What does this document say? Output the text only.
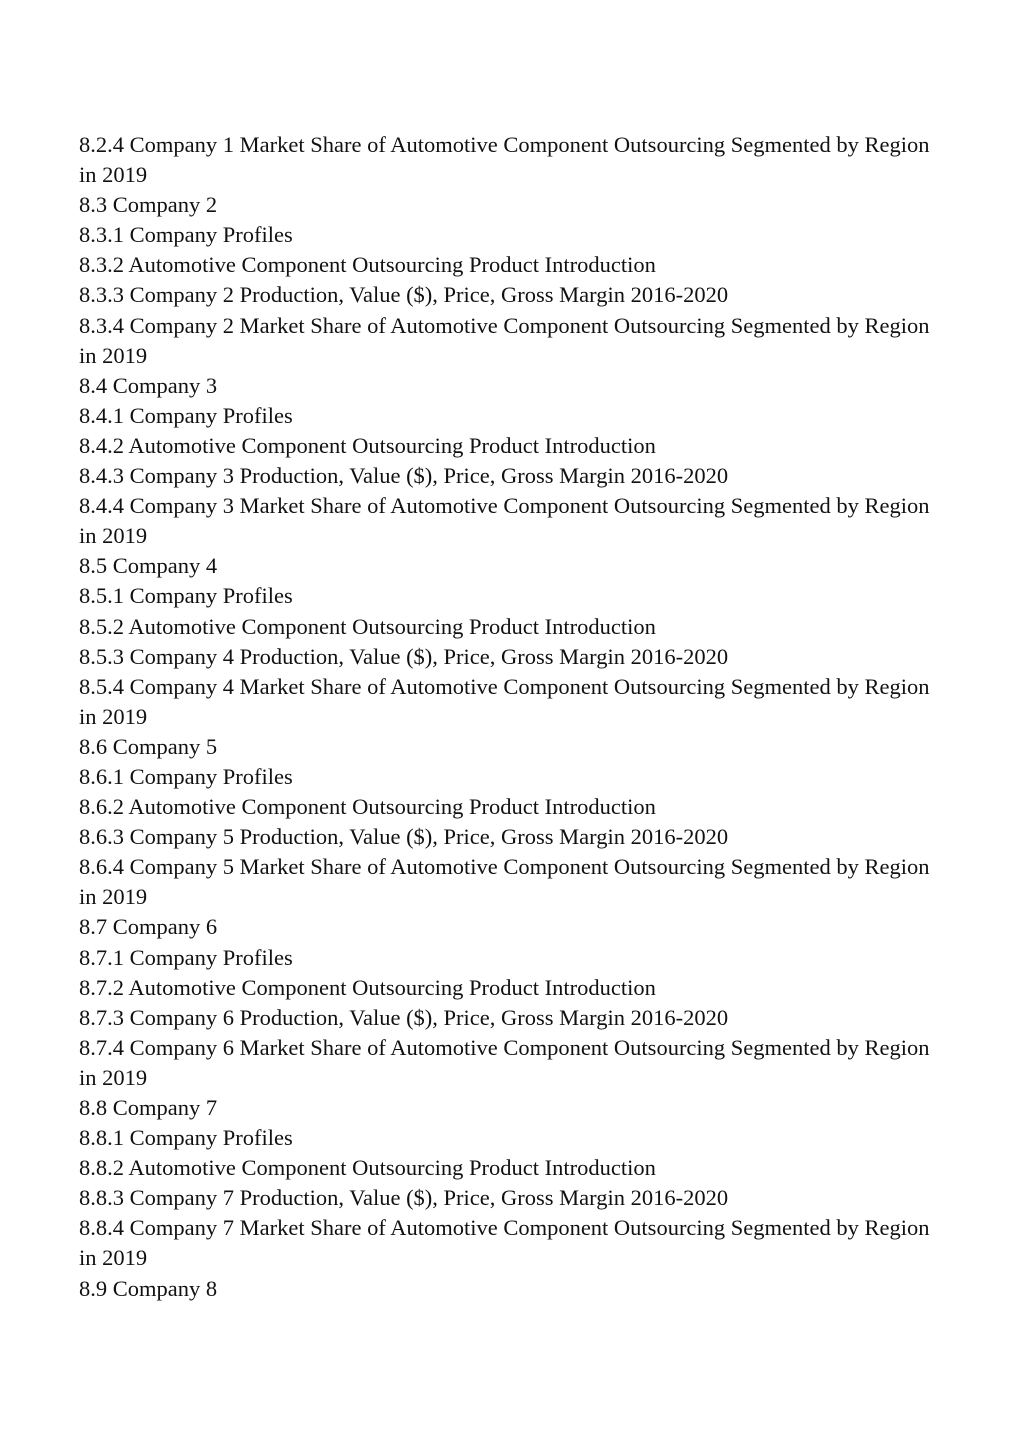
8.2.4 Company 1 Market Share of Automotive Component Outsourcing Segmented by Region in 2019

8.3 Company 2

8.3.1 Company Profiles

8.3.2 Automotive Component Outsourcing Product Introduction

8.3.3 Company 2 Production, Value ($), Price, Gross Margin 2016-2020

8.3.4 Company 2 Market Share of Automotive Component Outsourcing Segmented by Region in 2019

8.4 Company 3

8.4.1 Company Profiles

8.4.2 Automotive Component Outsourcing Product Introduction

8.4.3 Company 3 Production, Value ($), Price, Gross Margin 2016-2020

8.4.4 Company 3 Market Share of Automotive Component Outsourcing Segmented by Region in 2019

8.5 Company 4

8.5.1 Company Profiles

8.5.2 Automotive Component Outsourcing Product Introduction

8.5.3 Company 4 Production, Value ($), Price, Gross Margin 2016-2020

8.5.4 Company 4 Market Share of Automotive Component Outsourcing Segmented by Region in 2019

8.6 Company 5

8.6.1 Company Profiles

8.6.2 Automotive Component Outsourcing Product Introduction

8.6.3 Company 5 Production, Value ($), Price, Gross Margin 2016-2020

8.6.4 Company 5 Market Share of Automotive Component Outsourcing Segmented by Region in 2019

8.7 Company 6

8.7.1 Company Profiles

8.7.2 Automotive Component Outsourcing Product Introduction

8.7.3 Company 6 Production, Value ($), Price, Gross Margin 2016-2020

8.7.4 Company 6 Market Share of Automotive Component Outsourcing Segmented by Region in 2019

8.8 Company 7

8.8.1 Company Profiles

8.8.2 Automotive Component Outsourcing Product Introduction

8.8.3 Company 7 Production, Value ($), Price, Gross Margin 2016-2020

8.8.4 Company 7 Market Share of Automotive Component Outsourcing Segmented by Region in 2019

8.9 Company 8
